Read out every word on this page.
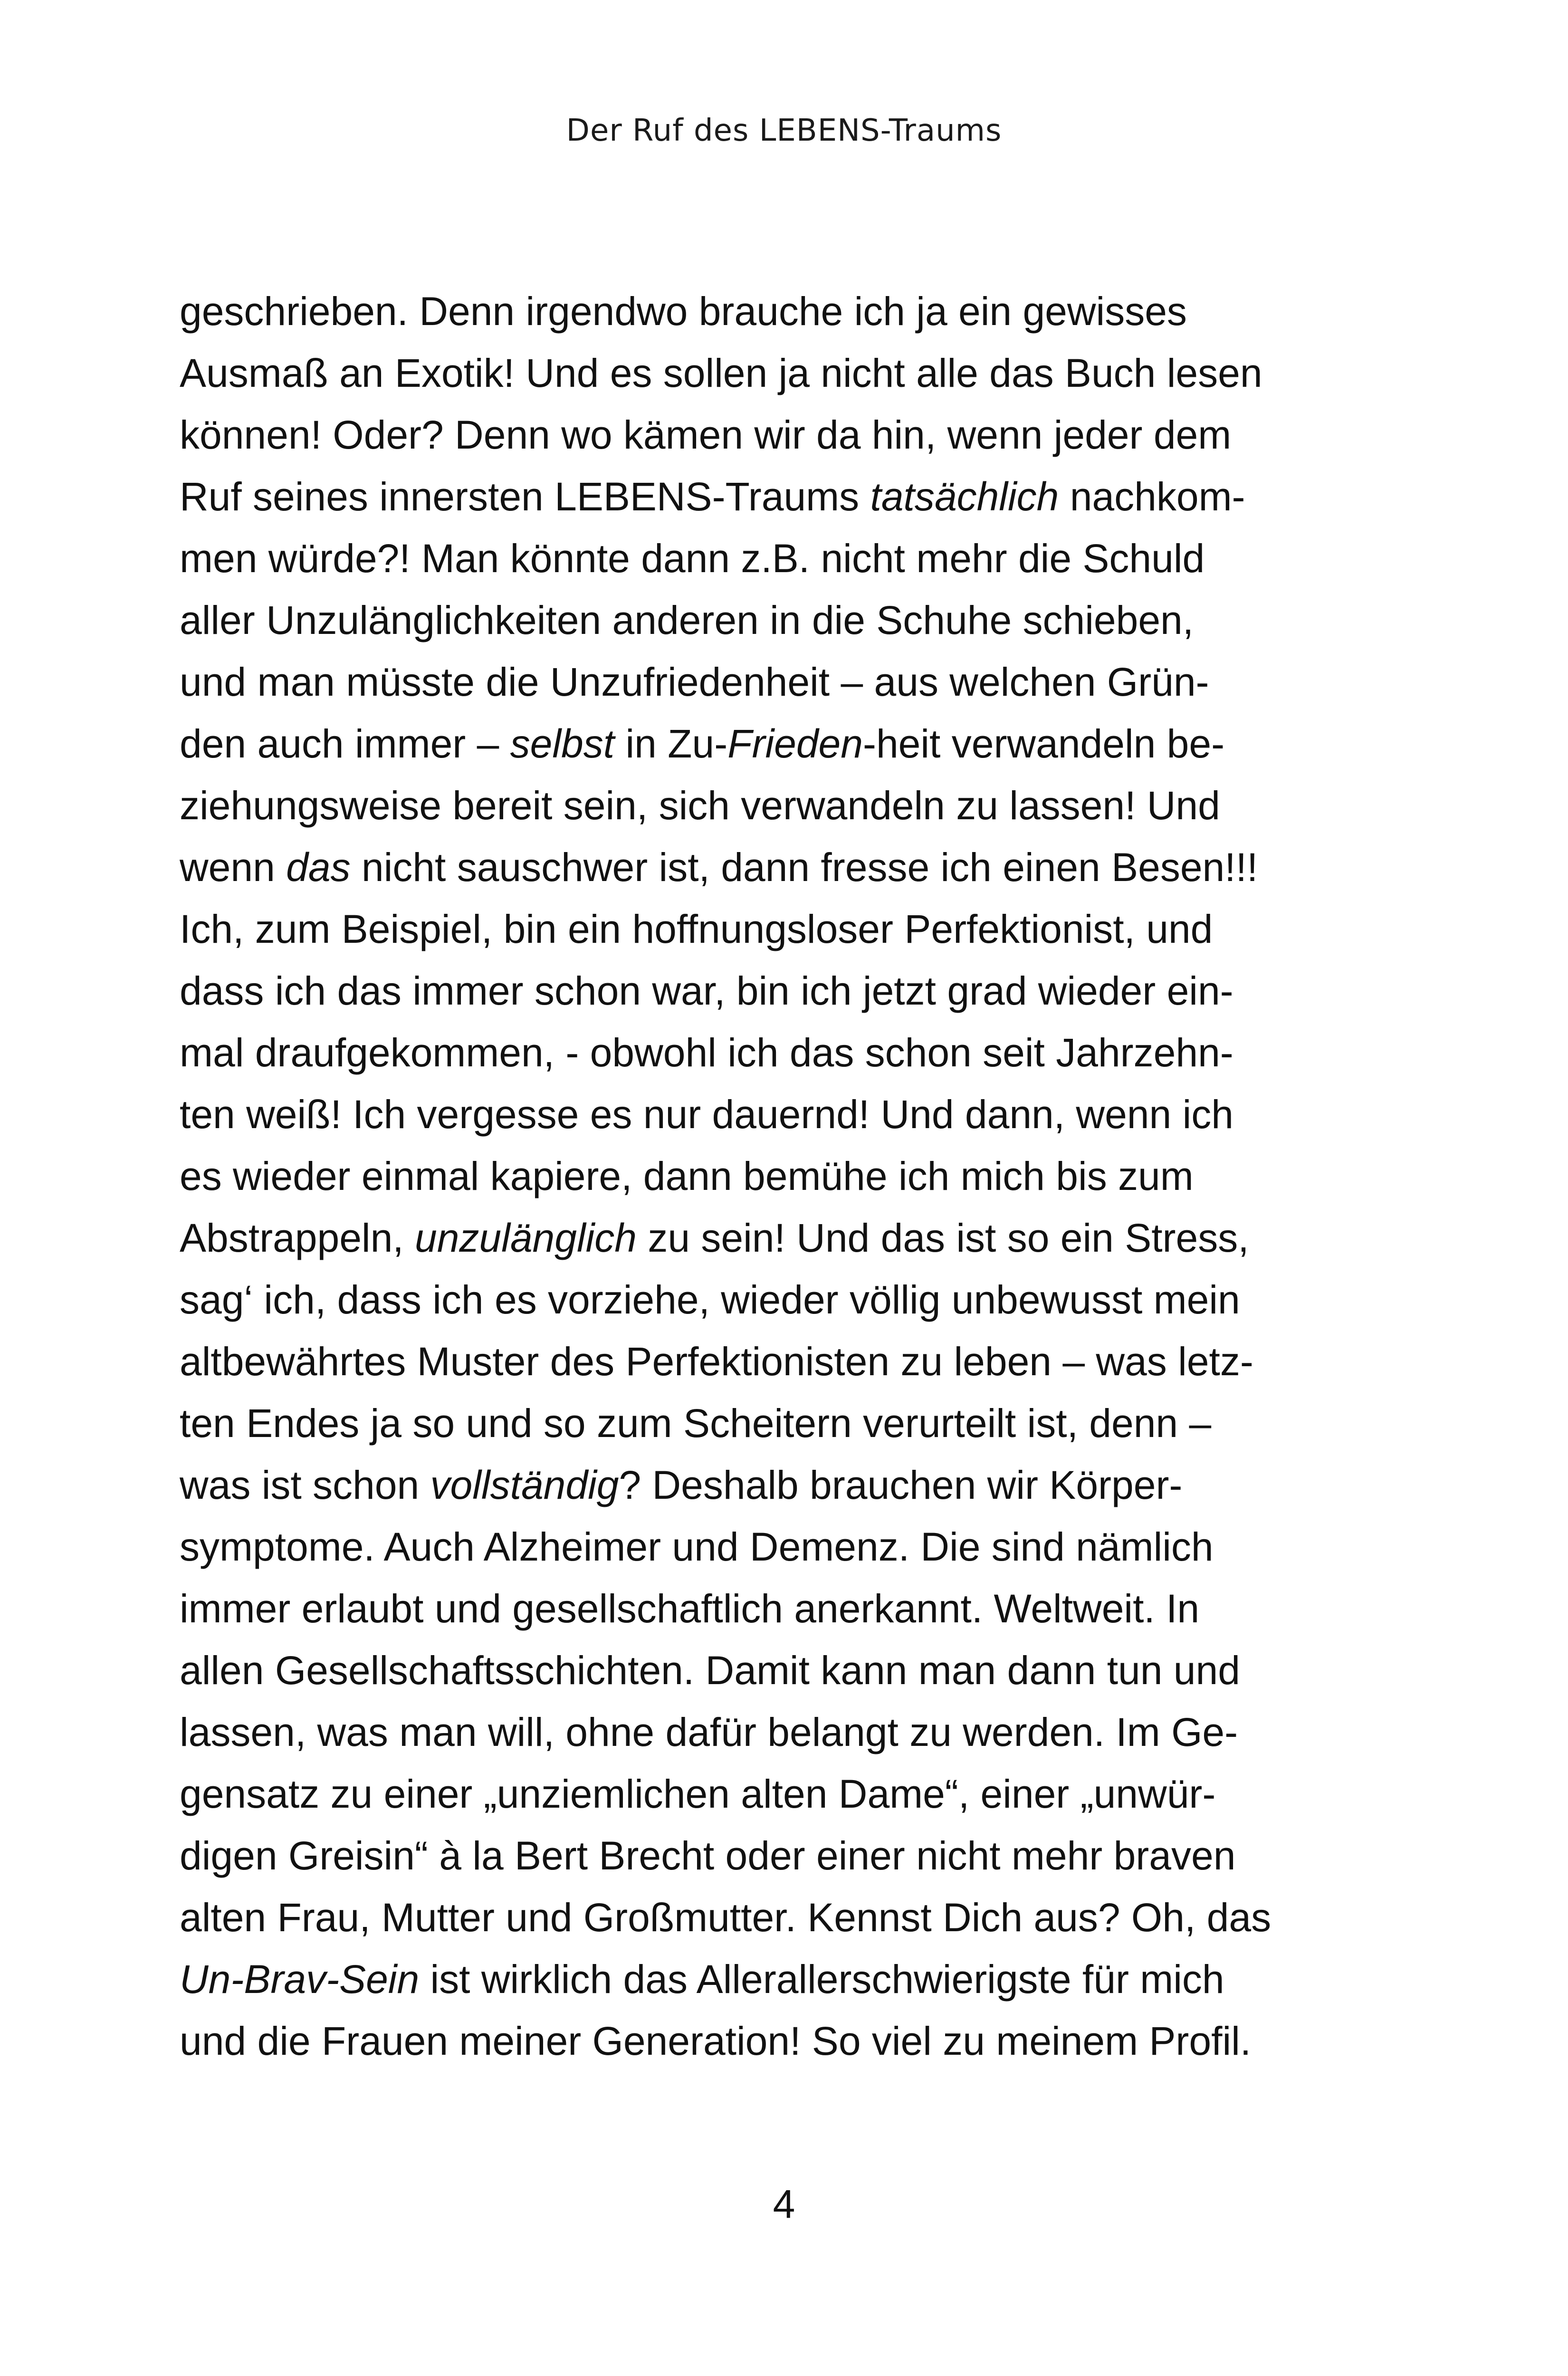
Der Ruf des LEBENS-Traums
geschrieben. Denn irgendwo brauche ich ja ein gewisses
Ausmaß an Exotik! Und es sollen ja nicht alle das Buch lesen
können! Oder? Denn wo kämen wir da hin, wenn jeder dem
Ruf seines innersten LEBENS-Traums tatsächlich nachkom-
men würde?! Man könnte dann z.B. nicht mehr die Schuld
aller Unzulänglichkeiten anderen in die Schuhe schieben,
und man müsste die Unzufriedenheit – aus welchen Grün-
den auch immer – selbst in Zu-Frieden-heit verwandeln be-
ziehungsweise bereit sein, sich verwandeln zu lassen! Und
wenn das nicht sauschwer ist, dann fresse ich einen Besen!!!
Ich, zum Beispiel, bin ein hoffnungsloser Perfektionist, und
dass ich das immer schon war, bin ich jetzt grad wieder ein-
mal draufgekommen, - obwohl ich das schon seit Jahrzehn-
ten weiß! Ich vergesse es nur dauernd! Und dann, wenn ich
es wieder einmal kapiere, dann bemühe ich mich bis zum
Abstrappeln, unzulänglich zu sein! Und das ist so ein Stress,
sag‘ ich, dass ich es vorziehe, wieder völlig unbewusst mein
altbewährtes Muster des Perfektionisten zu leben – was letz-
ten Endes ja so und so zum Scheitern verurteilt ist, denn –
was ist schon vollständig? Deshalb brauchen wir Körper-
symptome. Auch Alzheimer und Demenz. Die sind nämlich
immer erlaubt und gesellschaftlich anerkannt. Weltweit. In
allen Gesellschaftsschichten. Damit kann man dann tun und
lassen, was man will, ohne dafür belangt zu werden. Im Ge-
gensatz zu einer „unziemlichen alten Dame“, einer „unwür-
digen Greisin“ à la Bert Brecht oder einer nicht mehr braven
alten Frau, Mutter und Großmutter. Kennst Dich aus? Oh, das
Un-Brav-Sein ist wirklich das Allerallerschwierigste für mich
und die Frauen meiner Generation! So viel zu meinem Profil.
4
